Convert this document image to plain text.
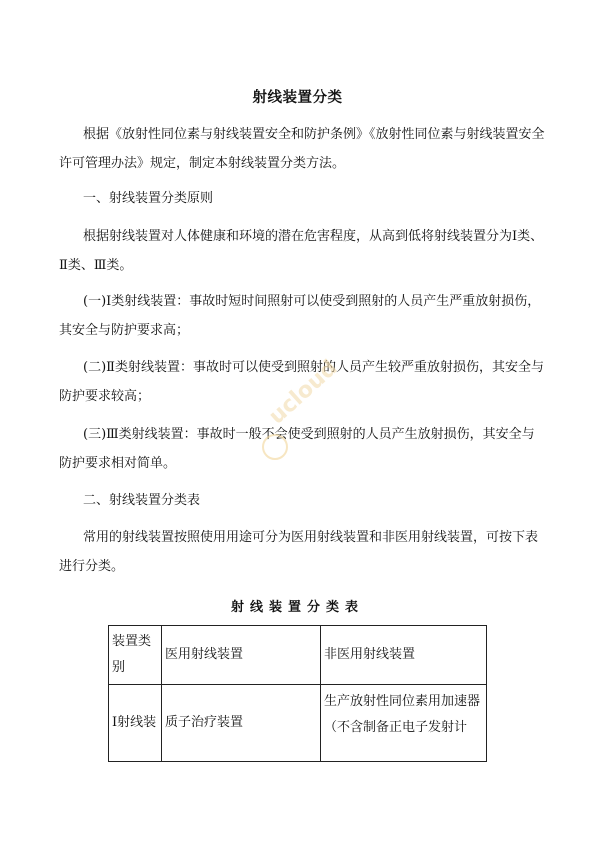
射线装置分类

根据《放射性同位素与射线装置安全和防护条例》《放射性同位素与射线装置安全许可管理办法》规定，制定本射线装置分类方法。

一、射线装置分类原则

根据射线装置对人体健康和环境的潜在危害程度，从高到低将射线装置分为Ⅰ类、Ⅱ类、Ⅲ类。

(一)Ⅰ类射线装置：事故时短时间照射可以使受到照射的人员产生严重放射损伤，其安全与防护要求高；

(二)Ⅱ类射线装置：事故时可以使受到照射的人员产生较严重放射损伤，其安全与防护要求较高；

(三)Ⅲ类射线装置：事故时一般不会使受到照射的人员产生放射损伤，其安全与防护要求相对简单。

二、射线装置分类表

常用的射线装置按照使用用途可分为医用射线装置和非医用射线装置，可按下表进行分类。

射线装置分类表
装置类别	医用射线装置	非医用射线装置
Ⅰ射线装	质子治疗装置	生产放射性同位素用加速器（不含制备正电子发射计
ucloud
